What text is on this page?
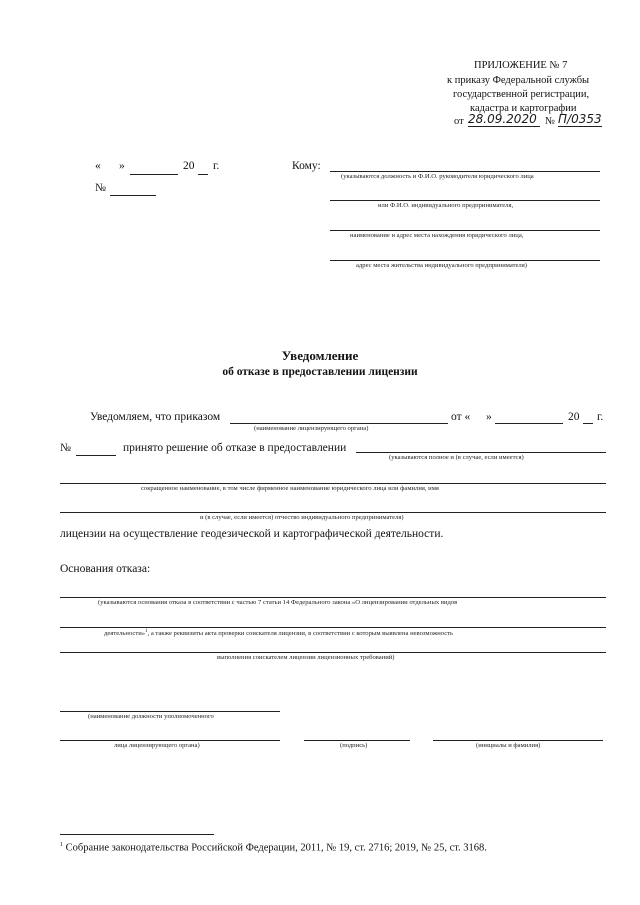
ПРИЛОЖЕНИЕ № 7
к приказу Федеральной службы
государственной регистрации,
кадастра и картографии
от 28.09.2020 № П/0353
« »	20 г.
№
Кому:
(указываются должность и Ф.И.О. руководителя юридического лица
или Ф.И.О. индивидуального предпринимателя,
наименование и адрес места нахождения юридического лица,
адрес места жительства индивидуального предпринимателя)
Уведомление
об отказе в предоставлении лицензии
Уведомляем, что приказом
(наименование лицензирующего органа)
от « »	20 г.
№	принято решение об отказе в предоставлении
(указываются полное и (в случае, если имеется)
сокращенное наименование, в том числе фирменное наименование юридического лица или фамилия, имя
и (в случае, если имеется) отчество индивидуального предпринимателя)
лицензии на осуществление геодезической и картографической деятельности.
Основания отказа:
(указываются основания отказа в соответствии с частью 7 статьи 14 Федерального закона «О лицензировании отдельных видов
деятельности»$^1$, а также реквизиты акта проверки соискателя лицензии, в соответствии с которым выявлена невозможность
выполнения соискателем лицензии лицензионных требований)
(наименование должности уполномоченного
лица лицензирующего органа)	(подпись)	(инициалы и фамилия)
$^1$ Собрание законодательства Российской Федерации, 2011, № 19, ст. 2716; 2019, № 25, ст. 3168.
